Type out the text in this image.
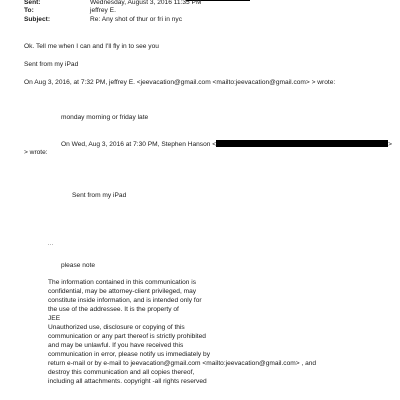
Sent:	Wednesday, August 3, 2016 11:35 PM
To:	jeffrey E.
Subject:	Re: Any shot of thur or fri in nyc
Ok. Tell me when I can and I'll fly in to see you
Sent from my iPad
On Aug 3, 2016, at 7:32 PM, jeffrey E. <jeevacation@gmail.com <mailto:jeevacation@gmail.com> > wrote:
monday morning or friday late
On Wed, Aug 3, 2016 at 7:30 PM, Stephen Hanson <	>
> wrote:
Sent from my iPad
...
please note
The information contained in this communication is
confidential, may be attorney-client privileged, may
constitute inside information, and is intended only for
the use of the addressee. It is the property of
JEE
Unauthorized use, disclosure or copying of this
communication or any part thereof is strictly prohibited
and may be unlawful. If you have received this
communication in error, please notify us immediately by
return e-mail or by e-mail to jeevacation@gmail.com <mailto:jeevacation@gmail.com> , and
destroy this communication and all copies thereof,
including all attachments. copyright -all rights reserved
